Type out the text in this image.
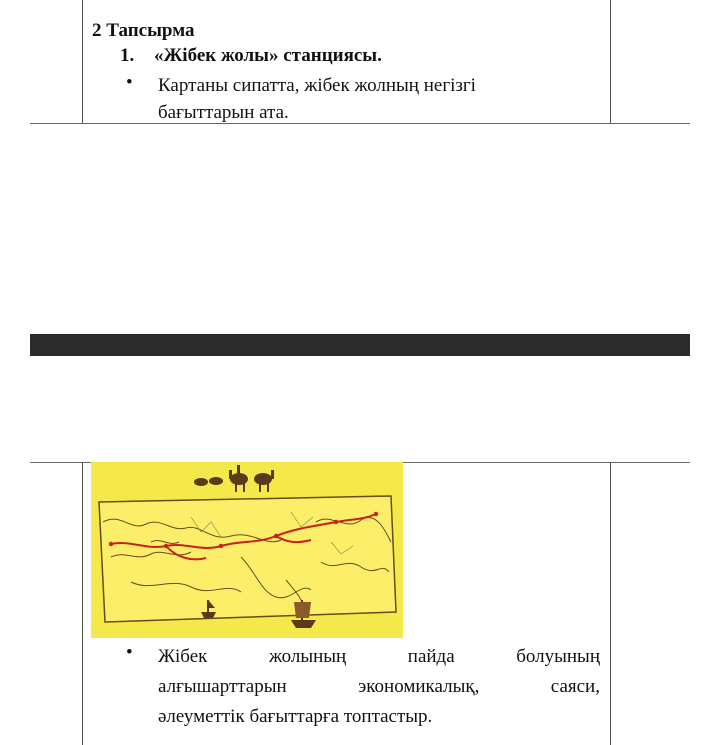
2 Тапсырма
1. «Жібек жолы» станциясы.
• Картаны сипатта, жібек жолның негізгі
бағыттарын ата.
• Жібек	жолының	пайда	болуының
алғышарттарын	экономикалық,	саяси,
әлеуметтік бағыттарға топтастыр.
